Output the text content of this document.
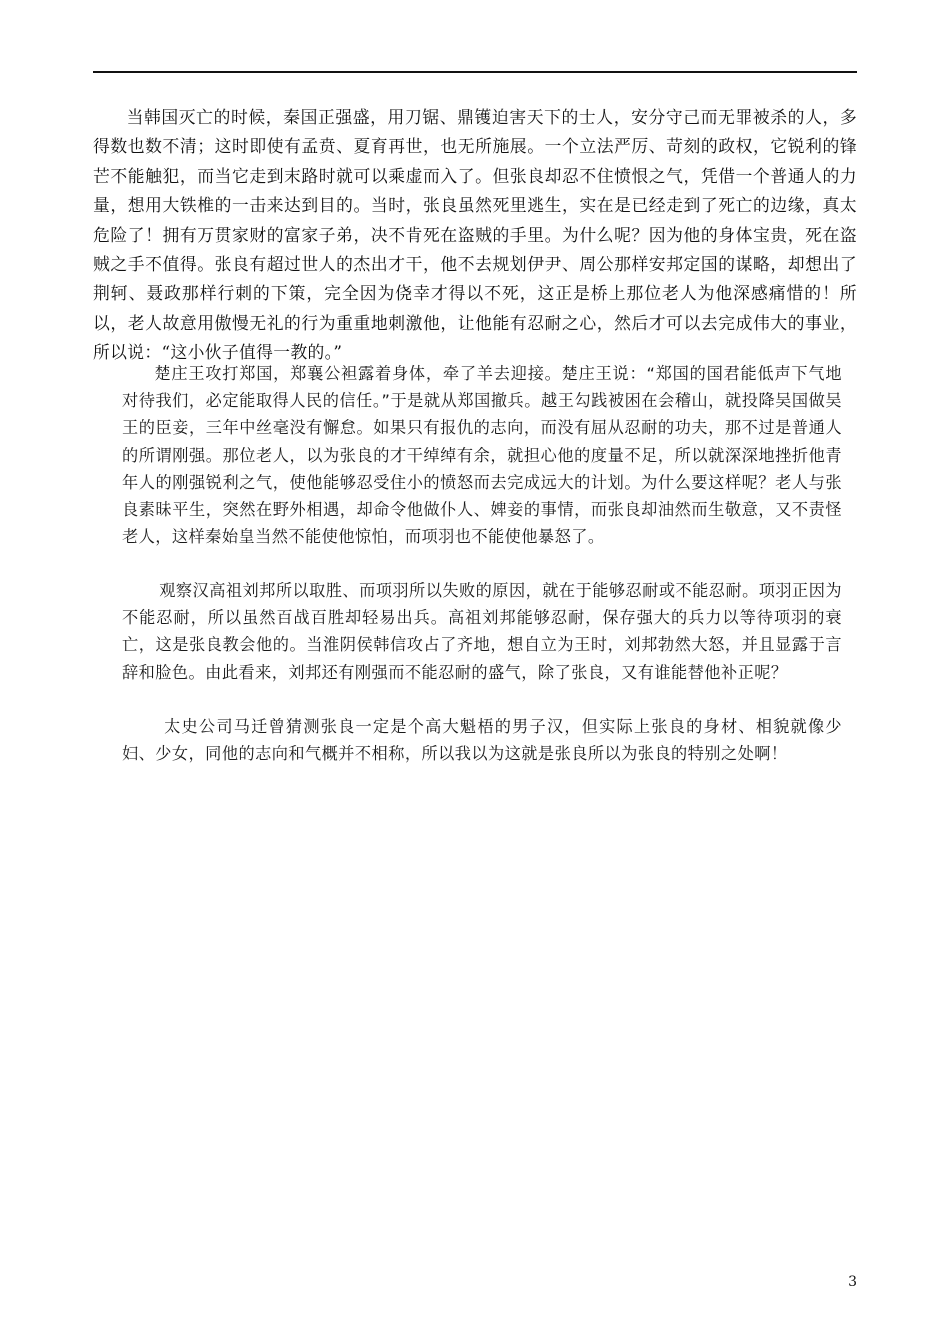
当韩国灭亡的时候，秦国正强盛，用刀锯、鼎镬迫害天下的士人，安分守己而无罪被杀的人，多得数也数不清；这时即使有孟贲、夏育再世，也无所施展。一个立法严厉、苛刻的政权，它锐利的锋芒不能触犯，而当它走到末路时就可以乘虚而入了。但张良却忍不住愤恨之气，凭借一个普通人的力量，想用大铁椎的一击来达到目的。当时，张良虽然死里逃生，实在是已经走到了死亡的边缘，真太危险了！拥有万贯家财的富家子弟，决不肯死在盗贼的手里。为什么呢？因为他的身体宝贵，死在盗贼之手不值得。张良有超过世人的杰出才干，他不去规划伊尹、周公那样安邦定国的谋略，却想出了荆轲、聂政那样行刺的下策，完全因为侥幸才得以不死，这正是桥上那位老人为他深感痛惜的！所以，老人故意用傲慢无礼的行为重重地刺激他，让他能有忍耐之心，然后才可以去完成伟大的事业，所以说：“这小伙子值得一教的。”

楚庄王攻打郑国，郑襄公袒露着身体，牵了羊去迎接。楚庄王说：“郑国的国君能低声下气地对待我们，必定能取得人民的信任。”于是就从郑国撤兵。越王勾践被困在会稽山，就投降吴国做吴王的臣妾，三年中丝毫没有懈怠。如果只有报仇的志向，而没有屈从忍耐的功夫，那不过是普通人的所谓刚强。那位老人，以为张良的才干绰绰有余，就担心他的度量不足，所以就深深地挫折他青年人的刚强锐利之气，使他能够忍受住小的愤怒而去完成远大的计划。为什么要这样呢？老人与张良素昧平生，突然在野外相遇，却命令他做仆人、婢妾的事情，而张良却油然而生敬意，又不责怪老人，这样秦始皇当然不能使他惊怕，而项羽也不能使他暴怒了。

观察汉高祖刘邦所以取胜、而项羽所以失败的原因，就在于能够忍耐或不能忍耐。项羽正因为不能忍耐，所以虽然百战百胜却轻易出兵。高祖刘邦能够忍耐，保存强大的兵力以等待项羽的衰亡，这是张良教会他的。当淮阴侯韩信攻占了齐地，想自立为王时，刘邦勃然大怒，并且显露于言辞和脸色。由此看来，刘邦还有刚强而不能忍耐的盛气，除了张良，又有谁能替他补正呢？

太史公司马迁曾猜测张良一定是个高大魁梧的男子汉，但实际上张良的身材、相貌就像少妇、少女，同他的志向和气概并不相称，所以我以为这就是张良所以为张良的特别之处啊！

3
